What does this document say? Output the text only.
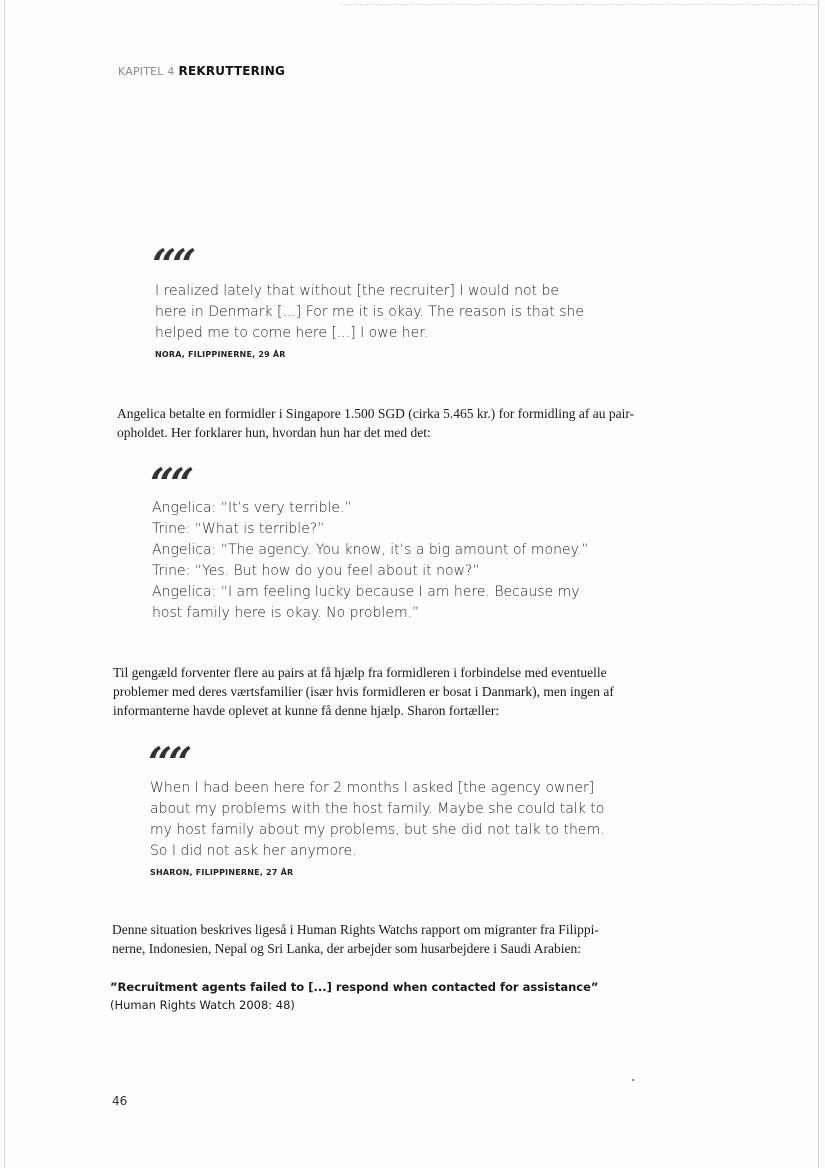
KAPITEL 4 REKRUTTERING
““
I realized lately that without [the recruiter] I would not be
here in Denmark [...] For me it is okay. The reason is that she
helped me to come here [...] I owe her.
NORA, FILIPPINERNE, 29 ÅR
Angelica betalte en formidler i Singapore 1.500 SGD (cirka 5.465 kr.) for formidling af au pair-
opholdet. Her forklarer hun, hvordan hun har det med det:
““
Angelica: “It’s very terrible.”
Trine: “What is terrible?”
Angelica: “The agency. You know, it’s a big amount of money.”
Trine: “Yes. But how do you feel about it now?”
Angelica: “I am feeling lucky because I am here. Because my
host family here is okay. No problem.”
Til gengæld forventer flere au pairs at få hjælp fra formidleren i forbindelse med eventuelle
problemer med deres værtsfamilier (især hvis formidleren er bosat i Danmark), men ingen af
informanterne havde oplevet at kunne få denne hjælp. Sharon fortæller:
““
When I had been here for 2 months I asked [the agency owner]
about my problems with the host family. Maybe she could talk to
my host family about my problems, but she did not talk to them.
So I did not ask her anymore.
SHARON, FILIPPINERNE, 27 ÅR
Denne situation beskrives ligeså i Human Rights Watchs rapport om migranter fra Filippi-
nerne, Indonesien, Nepal og Sri Lanka, der arbejder som husarbejdere i Saudi Arabien:
”Recruitment agents failed to [...] respond when contacted for assistance”
(Human Rights Watch 2008: 48)
46
